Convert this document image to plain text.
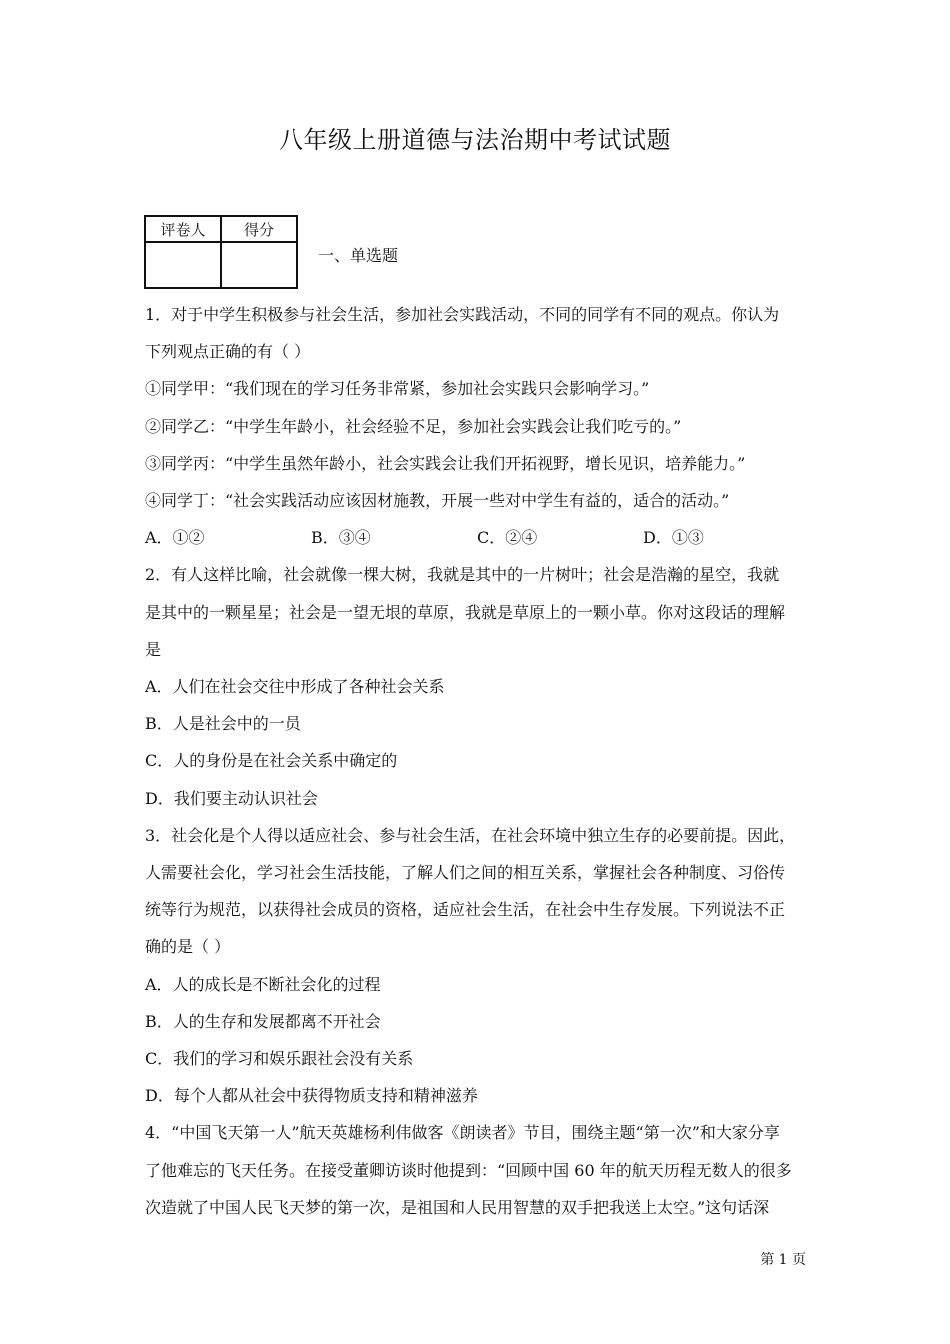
八年级上册道德与法治期中考试试题
评卷人	得分

一、单选题

1．对于中学生积极参与社会生活，参加社会实践活动，不同的同学有不同的观点。你认为

下列观点正确的有（ ）

①同学甲：“我们现在的学习任务非常紧，参加社会实践只会影响学习。”

②同学乙：“中学生年龄小，社会经验不足，参加社会实践会让我们吃亏的。”

③同学丙：“中学生虽然年龄小，社会实践会让我们开拓视野，增长见识，培养能力。”

④同学丁：“社会实践活动应该因材施教，开展一些对中学生有益的，适合的活动。”

A．①②	B．③④	C．②④	D．①③

2．有人这样比喻，社会就像一棵大树，我就是其中的一片树叶；社会是浩瀚的星空，我就

是其中的一颗星星；社会是一望无垠的草原，我就是草原上的一颗小草。你对这段话的理解

是

A．人们在社会交往中形成了各种社会关系

B．人是社会中的一员

C．人的身份是在社会关系中确定的

D．我们要主动认识社会

3．社会化是个人得以适应社会、参与社会生活，在社会环境中独立生存的必要前提。因此，

人需要社会化，学习社会生活技能，了解人们之间的相互关系，掌握社会各种制度、习俗传

统等行为规范，以获得社会成员的资格，适应社会生活，在社会中生存发展。下列说法不正

确的是（ ）

A．人的成长是不断社会化的过程

B．人的生存和发展都离不开社会

C．我们的学习和娱乐跟社会没有关系

D．每个人都从社会中获得物质支持和精神滋养

4．“中国飞天第一人”航天英雄杨利伟做客《朗读者》节目，围绕主题“第一次”和大家分享

了他难忘的飞天任务。在接受董卿访谈时他提到：“回顾中国 60 年的航天历程无数人的很多

次造就了中国人民飞天梦的第一次，是祖国和人民用智慧的双手把我送上太空。”这句话深

第 1 页
